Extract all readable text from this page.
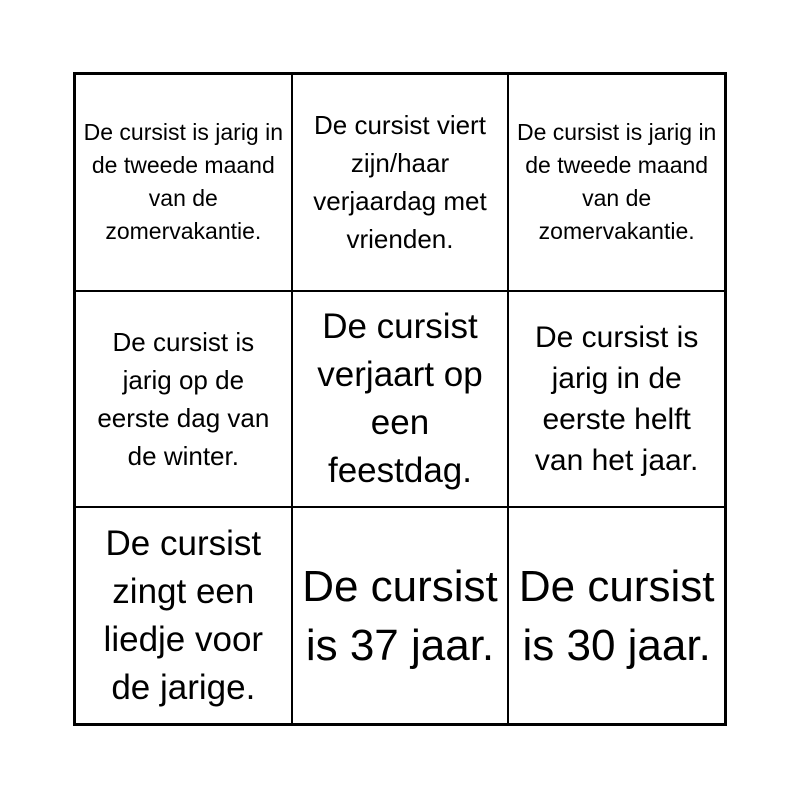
De cursist is jarig in de tweede maand van de zomervakantie.
De cursist viert zijn/haar verjaardag met vrienden.
De cursist is jarig in de tweede maand van de zomervakantie.
De cursist is jarig op de eerste dag van de winter.
De cursist verjaart op een feestdag.
De cursist is jarig in de eerste helft van het jaar.
De cursist zingt een liedje voor de jarige.
De cursist is 37 jaar.
De cursist is 30 jaar.
